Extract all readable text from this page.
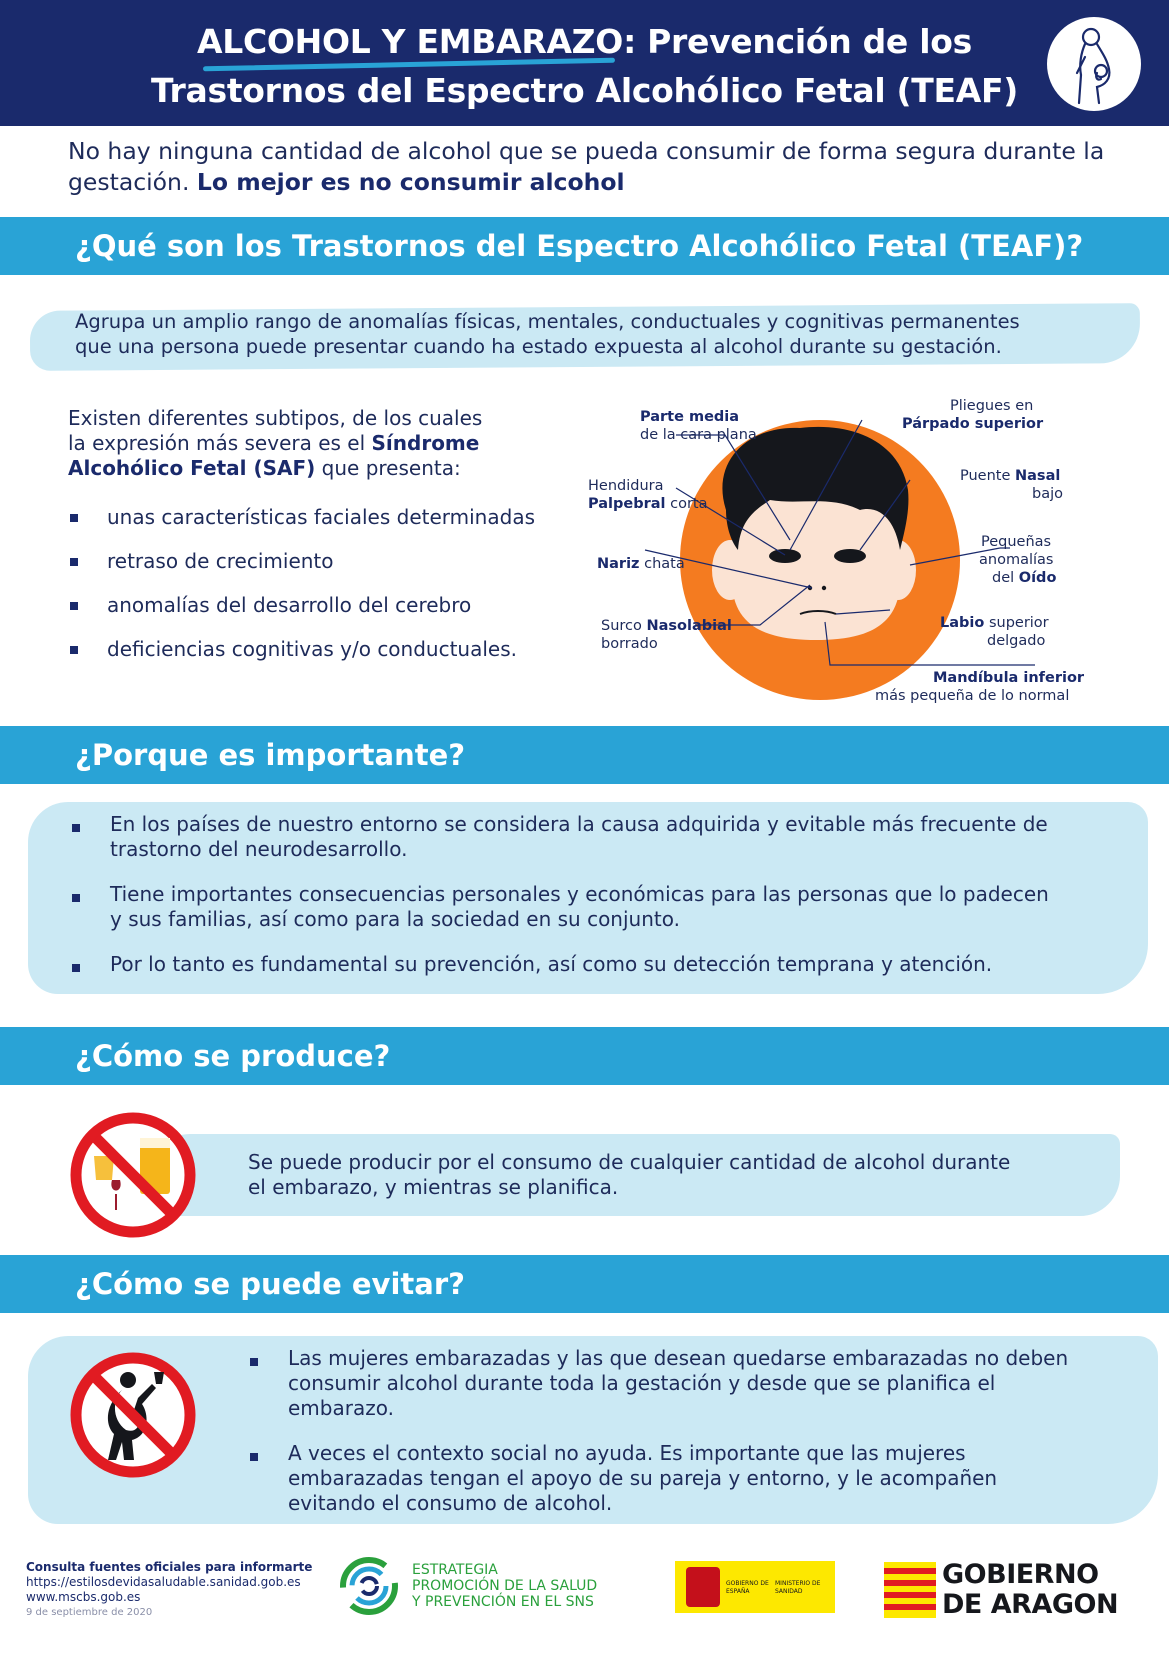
ALCOHOL Y EMBARAZO: Prevención de los
Trastornos del Espectro Alcohólico Fetal (TEAF)
No hay ninguna cantidad de alcohol que se pueda consumir de forma segura durante la gestación. Lo mejor es no consumir alcohol
¿Qué son los Trastornos del Espectro Alcohólico Fetal (TEAF)?
Agrupa un amplio rango de anomalías físicas, mentales, conductuales y cognitivas permanentes
que una persona puede presentar cuando ha estado expuesta al alcohol durante su gestación.
Existen diferentes subtipos, de los cuales
la expresión más severa es el Síndrome
Alcohólico Fetal (SAF) que presenta:
unas características faciales determinadas
retraso de crecimiento
anomalías del desarrollo del cerebro
deficiencias cognitivas y/o conductuales.
Parte media
de la cara plana
Pliegues en
Párpado superior
Hendidura
Palpebral corta
Puente Nasal
bajo
Nariz chata
Pequeñas
anomalías
del Oído
Surco Nasolabial
borrado
Labio superior
delgado
Mandíbula inferior
más pequeña de lo normal
¿Porque es importante?
En los países de nuestro entorno se considera la causa adquirida y evitable más frecuente de
trastorno del neurodesarrollo.
Tiene importantes consecuencias personales y económicas para las personas que lo padecen
y sus familias, así como para la sociedad en su conjunto.
Por lo tanto es fundamental su prevención, así como su detección temprana y atención.
¿Cómo se produce?
Se puede producir por el consumo de cualquier cantidad de alcohol durante
el embarazo, y mientras se planifica.
¿Cómo se puede evitar?
Las mujeres embarazadas y las que desean quedarse embarazadas no deben
consumir alcohol durante toda la gestación y desde que se planifica el
embarazo.
A veces el contexto social no ayuda. Es importante que las mujeres
embarazadas tengan el apoyo de su pareja y entorno, y le acompañen
evitando el consumo de alcohol.
Consulta fuentes oficiales para informarte
https://estilosdevidasaludable.sanidad.gob.es
www.mscbs.gob.es
9 de septiembre de 2020
ESTRATEGIA
PROMOCIÓN DE LA SALUD
Y PREVENCIÓN EN EL SNS
GOBIERNO DE ESPAÑA
MINISTERIO DE SANIDAD
GOBIERNO
DE ARAGON
